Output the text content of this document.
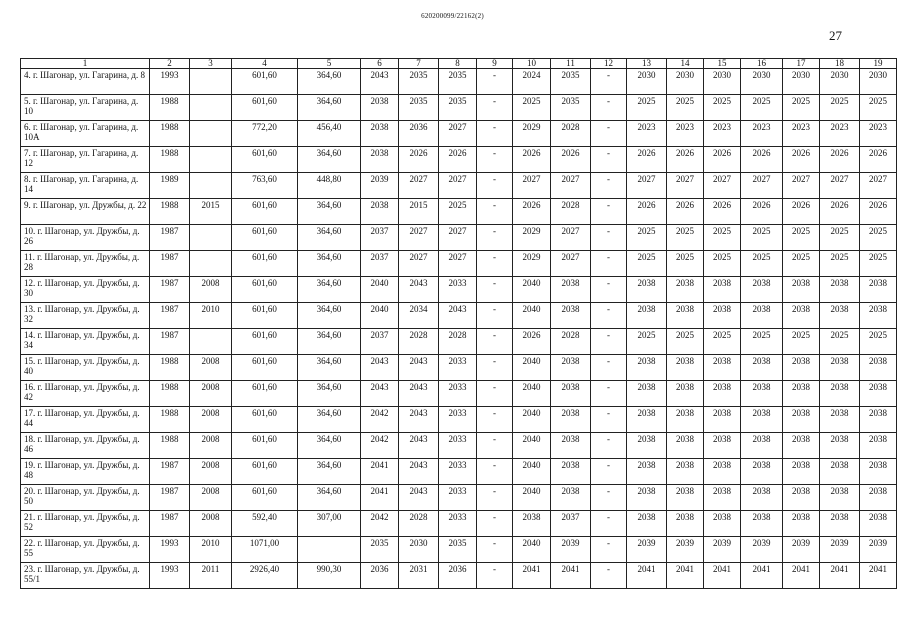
620200099/22162(2)
27
1	2	3	4	5	6	7	8	9	10	11	12	13	14	15	16	17	18	19
4. г. Шагонар, ул. Гагарина, д. 8	1993		601,60	364,60	2043	2035	2035	-	2024	2035	-	2030	2030	2030	2030	2030	2030	2030
5. г. Шагонар, ул. Гагарина, д. 10	1988		601,60	364,60	2038	2035	2035	-	2025	2035	-	2025	2025	2025	2025	2025	2025	2025
6. г. Шагонар, ул. Гагарина, д. 10А	1988		772,20	456,40	2038	2036	2027	-	2029	2028	-	2023	2023	2023	2023	2023	2023	2023
7. г. Шагонар, ул. Гагарина, д. 12	1988		601,60	364,60	2038	2026	2026	-	2026	2026	-	2026	2026	2026	2026	2026	2026	2026
8. г. Шагонар, ул. Гагарина, д. 14	1989		763,60	448,80	2039	2027	2027	-	2027	2027	-	2027	2027	2027	2027	2027	2027	2027
9. г. Шагонар, ул. Дружбы, д. 22	1988	2015	601,60	364,60	2038	2015	2025	-	2026	2028	-	2026	2026	2026	2026	2026	2026	2026
10. г. Шагонар, ул. Дружбы, д. 26	1987		601,60	364,60	2037	2027	2027	-	2029	2027	-	2025	2025	2025	2025	2025	2025	2025
11. г. Шагонар, ул. Дружбы, д. 28	1987		601,60	364,60	2037	2027	2027	-	2029	2027	-	2025	2025	2025	2025	2025	2025	2025
12. г. Шагонар, ул. Дружбы, д. 30	1987	2008	601,60	364,60	2040	2043	2033	-	2040	2038	-	2038	2038	2038	2038	2038	2038	2038
13. г. Шагонар, ул. Дружбы, д. 32	1987	2010	601,60	364,60	2040	2034	2043	-	2040	2038	-	2038	2038	2038	2038	2038	2038	2038
14. г. Шагонар, ул. Дружбы, д. 34	1987		601,60	364,60	2037	2028	2028	-	2026	2028	-	2025	2025	2025	2025	2025	2025	2025
15. г. Шагонар, ул. Дружбы, д. 40	1988	2008	601,60	364,60	2043	2043	2033	-	2040	2038	-	2038	2038	2038	2038	2038	2038	2038
16. г. Шагонар, ул. Дружбы, д. 42	1988	2008	601,60	364,60	2043	2043	2033	-	2040	2038	-	2038	2038	2038	2038	2038	2038	2038
17. г. Шагонар, ул. Дружбы, д. 44	1988	2008	601,60	364,60	2042	2043	2033	-	2040	2038	-	2038	2038	2038	2038	2038	2038	2038
18. г. Шагонар, ул. Дружбы, д. 46	1988	2008	601,60	364,60	2042	2043	2033	-	2040	2038	-	2038	2038	2038	2038	2038	2038	2038
19. г. Шагонар, ул. Дружбы, д. 48	1987	2008	601,60	364,60	2041	2043	2033	-	2040	2038	-	2038	2038	2038	2038	2038	2038	2038
20. г. Шагонар, ул. Дружбы, д. 50	1987	2008	601,60	364,60	2041	2043	2033	-	2040	2038	-	2038	2038	2038	2038	2038	2038	2038
21. г. Шагонар, ул. Дружбы, д. 52	1987	2008	592,40	307,00	2042	2028	2033	-	2038	2037	-	2038	2038	2038	2038	2038	2038	2038
22. г. Шагонар, ул. Дружбы, д. 55	1993	2010	1071,00		2035	2030	2035	-	2040	2039	-	2039	2039	2039	2039	2039	2039	2039
23. г. Шагонар, ул. Дружбы, д. 55/1	1993	2011	2926,40	990,30	2036	2031	2036	-	2041	2041	-	2041	2041	2041	2041	2041	2041	2041
